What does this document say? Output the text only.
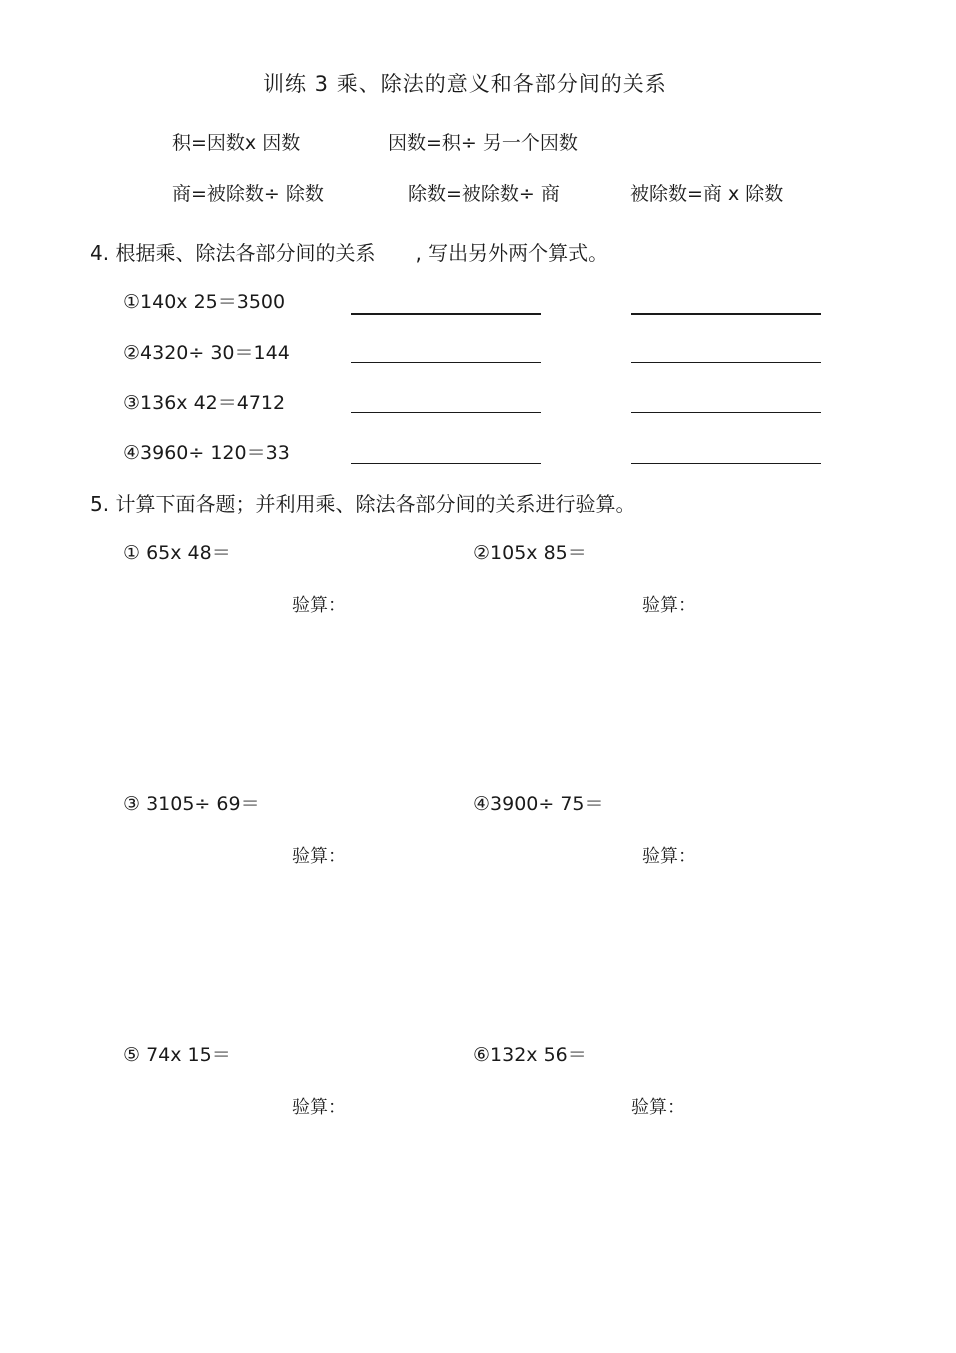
训练 3 乘、除法的意义和各部分间的关系
积=因数x 因数	因数=积÷ 另一个因数
商=被除数÷ 除数	除数=被除数÷ 商	被除数=商 x 除数
4. 根据乘、除法各部分间的关系　　, 写出另外两个算式。
①140x 25＝3500
②4320÷ 30＝144
③136x 42＝4712
④3960÷ 120＝33
5. 计算下面各题；并利用乘、除法各部分间的关系进行验算。
① 65x 48＝	②105x 85＝
验算：	验算：
③ 3105÷ 69＝	④3900÷ 75＝
验算：	验算：
⑤ 74x 15＝	⑥132x 56＝
验算：	验算：
